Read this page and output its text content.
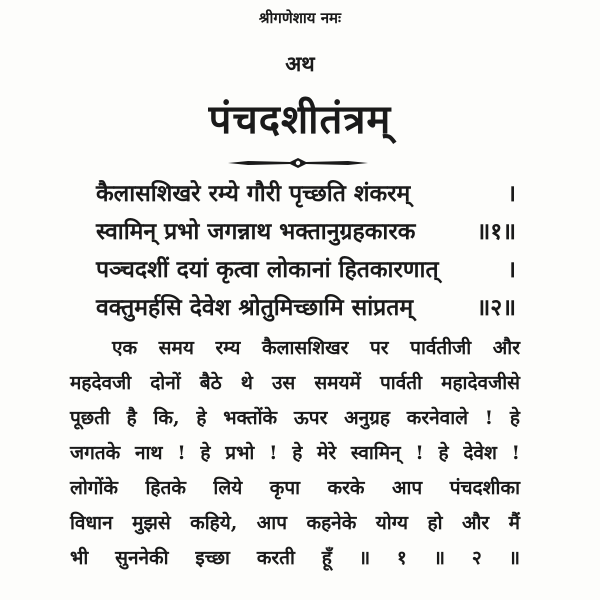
श्रीगणेशाय नमः
अथ
पंचदशीतंत्रम्
कैलासशिखरे रम्ये गौरी पृच्छति शंकरम्	।
स्वामिन् प्रभो जगन्नाथ भक्तानुग्रहकारक	॥१॥
पञ्चदशीं दयां कृत्वा लोकानां हितकारणात्	।
वक्तुमर्हसि देवेश श्रोतुमिच्छामि सांप्रतम्	॥२॥
एक समय रम्य कैलासशिखर पर पार्वतीजी और
महदेवजी दोनों बैठे थे उस समयमें पार्वती महादेवजीसे
पूछती है कि, हे भक्तोंके ऊपर अनुग्रह करनेवाले ! हे
जगतके नाथ ! हे प्रभो ! हे मेरे स्वामिन् ! हे देवेश !
लोगोंके हितके लिये कृपा करके आप पंचदशीका
विधान मुझसे कहिये, आप कहनेके योग्य हो और मैं
भी सुननेकी इच्छा करती हूँ ॥ १ ॥ २ ॥
